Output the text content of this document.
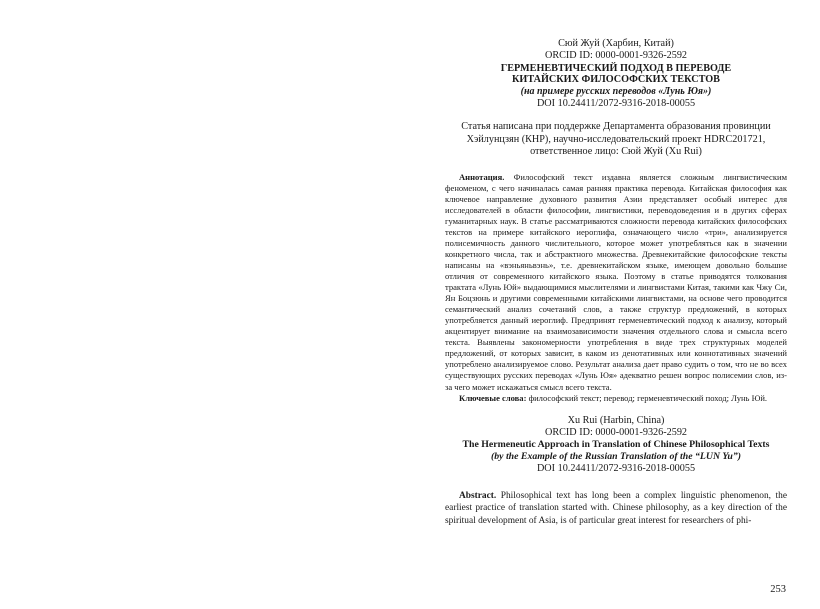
Сюй Жуй (Харбин, Китай)
ORCID ID: 0000-0001-9326-2592
ГЕРМЕНЕВТИЧЕСКИЙ ПОДХОД В ПЕРЕВОДЕ
КИТАЙСКИХ ФИЛОСОФСКИХ ТЕКСТОВ
(на примере русских переводов «Лунь Юя»)
DOI 10.24411/2072-9316-2018-00055
Статья написана при поддержке Департамента образования провинции
Хэйлунцзян (КНР), научно-исследовательский проект HDRC201721,
ответственное лицо: Сюй Жуй (Xu Rui)

Аннотация. Философский текст издавна является сложным лингвистическим феноменом, с чего начиналась самая ранняя практика перевода. Китайская философия как ключевое направление духовного развития Азии представляет особый интерес для исследователей в области философии, лингвистики, переводоведения и в других сферах гуманитарных наук. В статье рассматриваются сложности перевода китайских философских текстов на примере китайского иероглифа, означающего число «три», анализируется полисемичность данного числительного, которое может употребляться как в значении конкретного числа, так и абстрактного множества. Древнекитайские философские тексты написаны на «вэньяньвэнь», т.е. древнекитайском языке, имеющем довольно большие отличия от современного китайского языка. Поэтому в статье приводятся толкования трактата «Лунь Юй» выдающимися мыслителями и лингвистами Китая, такими как Чжу Си, Ян Боцзюнь и другими современными китайскими лингвистами, на основе чего проводится семантический анализ сочетаний слов, а также структур предложений, в которых употребляется данный иероглиф. Предпринят герменевтический подход к анализу, который акцентирует внимание на взаимозависимости значения отдельного слова и смысла всего текста. Выявлены закономерности употребления в виде трех структурных моделей предложений, от которых зависит, в каком из денотативных или коннотативных значений употреблено анализируемое слово. Результат анализа дает право судить о том, что не во всех существующих русских переводах «Лунь Юя» адекватно решен вопрос полисемии слов, из-за чего может искажаться смысл всего текста.

Ключевые слова: философский текст; перевод; герменевтический поход; Лунь Юй.

Xu Rui (Harbin, China)
ORCID ID: 0000-0001-9326-2592
The Hermeneutic Approach in Translation of Chinese Philosophical Texts
(by the Example of the Russian Translation of the “LUN Yu”)
DOI 10.24411/2072-9316-2018-00055

Abstract. Philosophical text has long been a complex linguistic phenomenon, the earliest practice of translation started with. Chinese philosophy, as a key direction of the spiritual development of Asia, is of particular great interest for researchers of phi-

253
